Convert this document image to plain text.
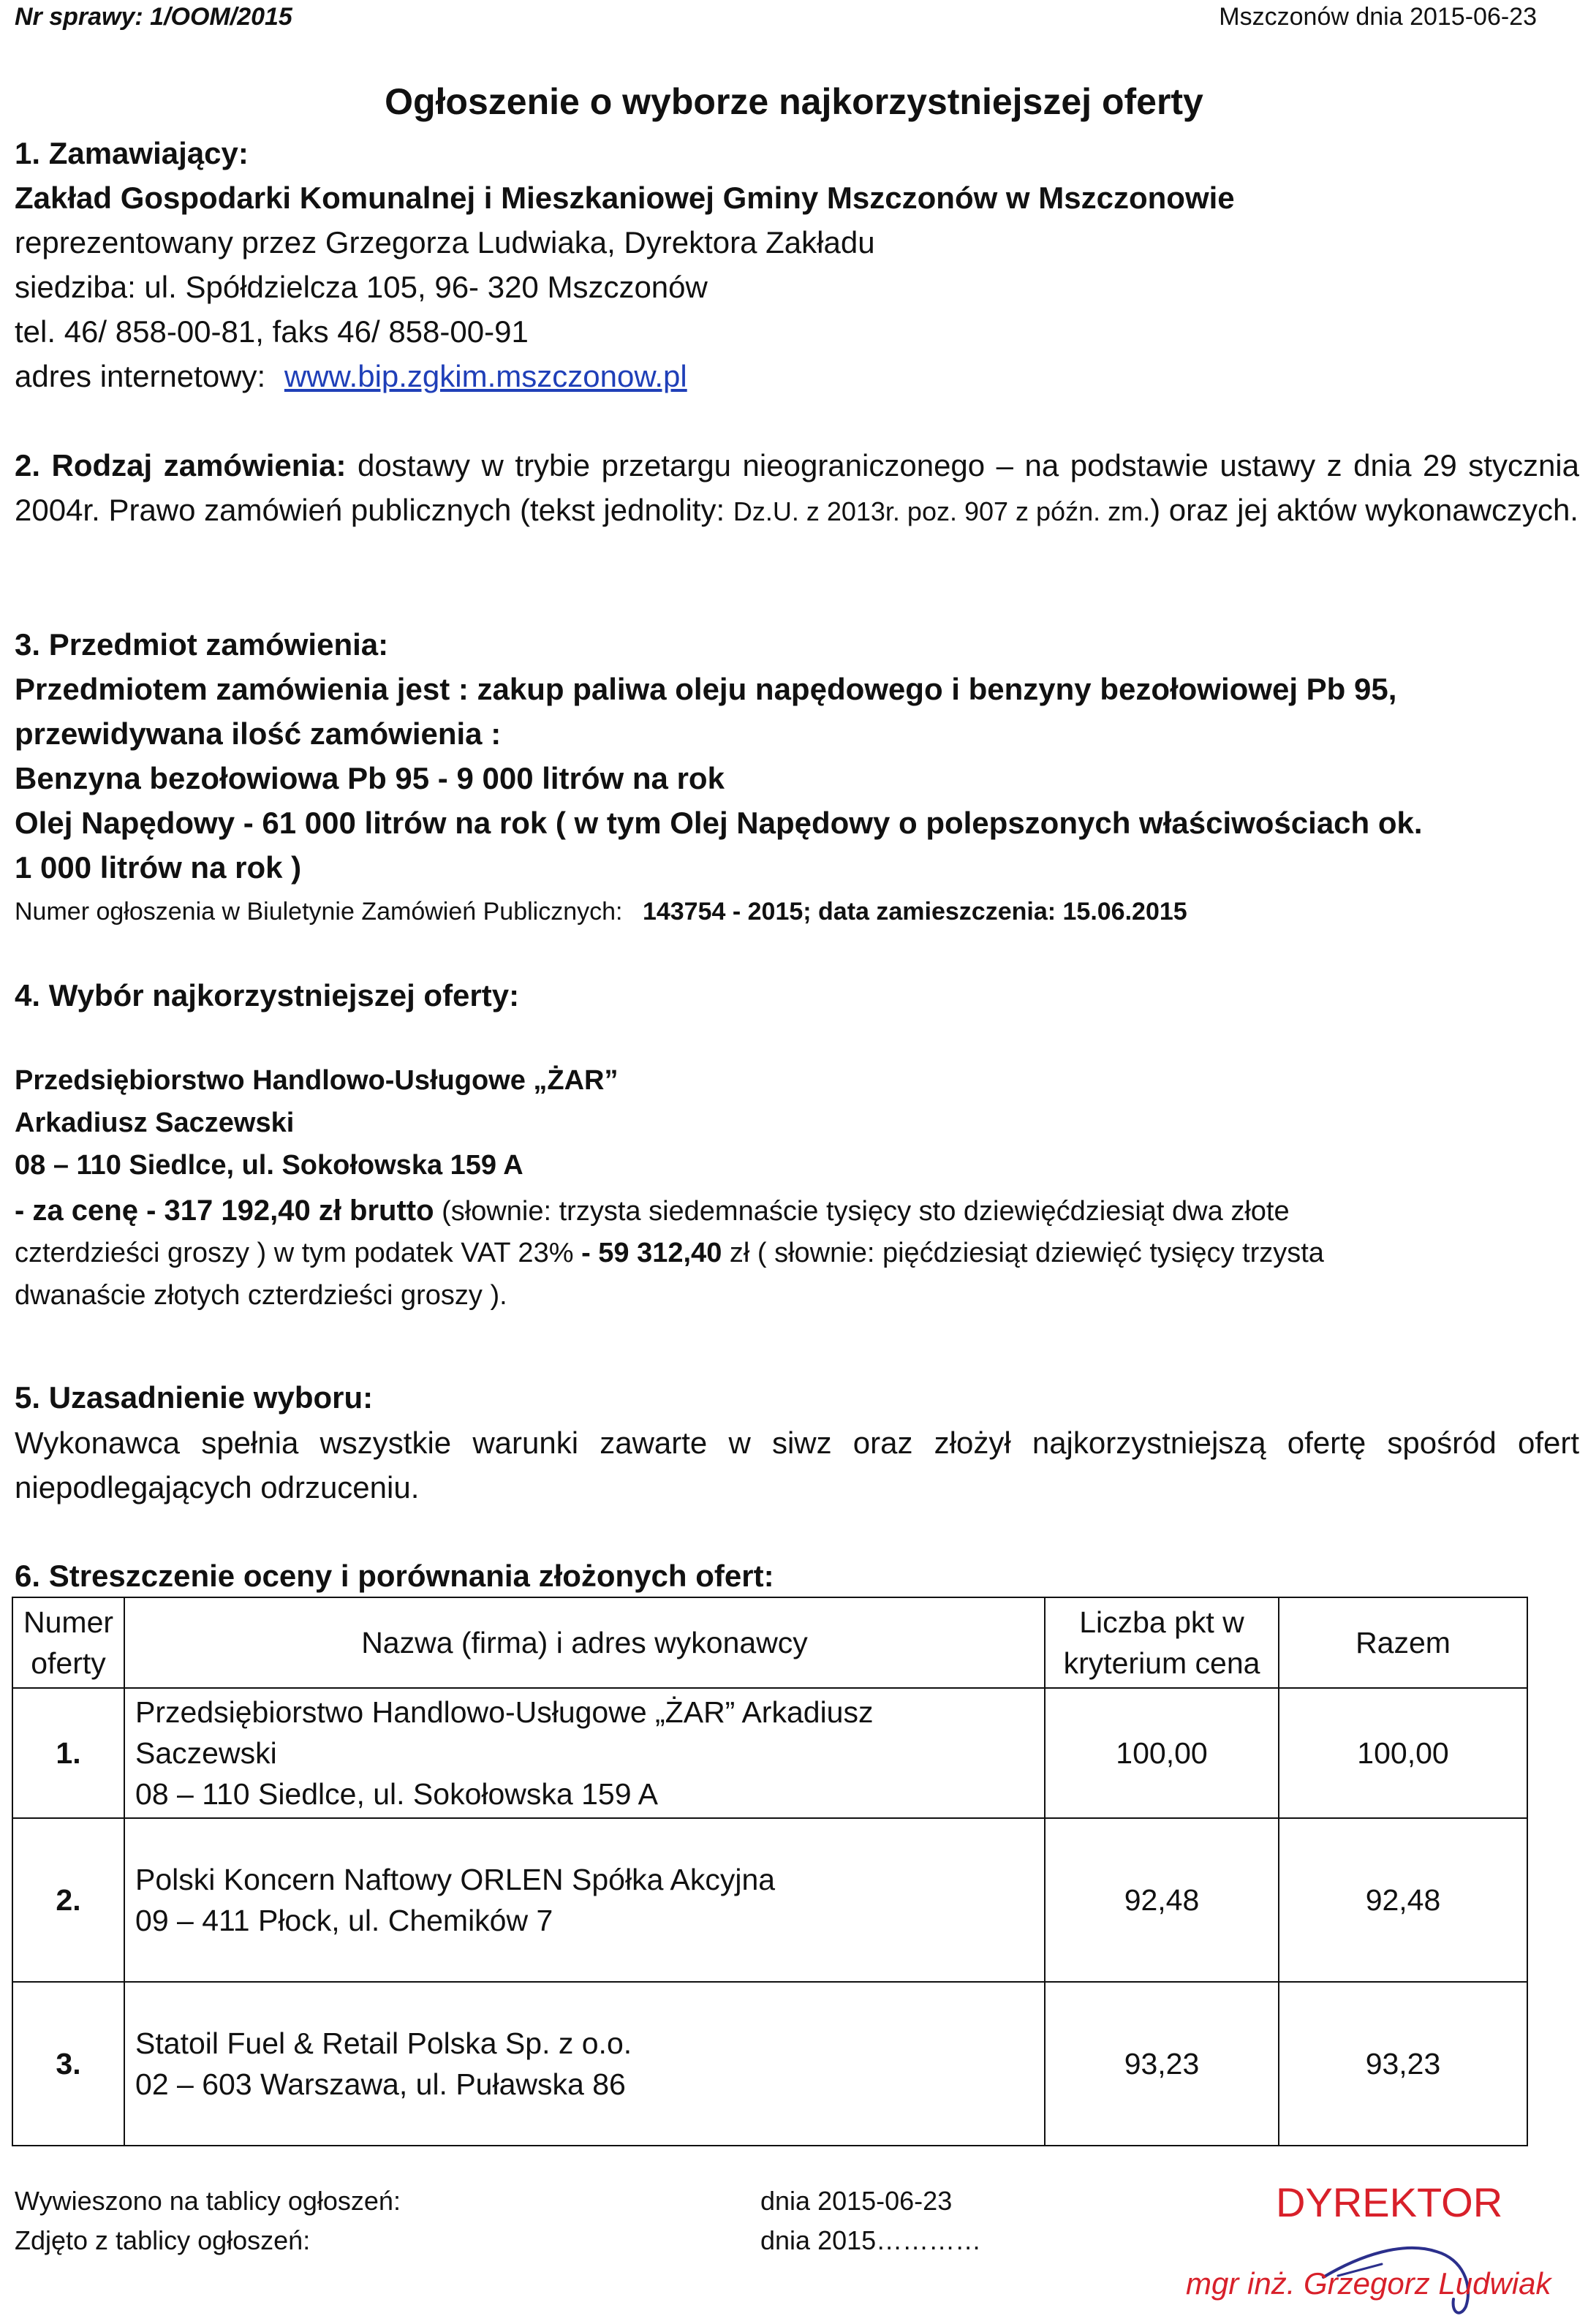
Nr sprawy: 1/OOM/2015	Mszczonów dnia 2015-06-23
Ogłoszenie o wyborze najkorzystniejszej oferty
1. Zamawiający:
Zakład Gospodarki Komunalnej i Mieszkaniowej Gminy Mszczonów w Mszczonowie
reprezentowany przez Grzegorza Ludwiaka, Dyrektora Zakładu
siedziba: ul. Spółdzielcza 105, 96- 320 Mszczonów
tel. 46/ 858-00-81, faks 46/ 858-00-91
adres internetowy: www.bip.zgkim.mszczonow.pl
2. Rodzaj zamówienia: dostawy w trybie przetargu nieograniczonego – na podstawie ustawy z dnia 29 stycznia 2004r. Prawo zamówień publicznych (tekst jednolity: Dz.U. z 2013r. poz. 907 z późn. zm.) oraz jej aktów wykonawczych.
3. Przedmiot zamówienia:
Przedmiotem zamówienia jest : zakup paliwa oleju napędowego i benzyny bezołowiowej Pb 95,
przewidywana ilość zamówienia :
Benzyna bezołowiowa Pb 95 - 9 000 litrów na rok
Olej Napędowy - 61 000 litrów na rok ( w tym Olej Napędowy o polepszonych właściwościach ok.
1 000 litrów na rok )
Numer ogłoszenia w Biuletynie Zamówień Publicznych: 143754 - 2015; data zamieszczenia: 15.06.2015
4. Wybór najkorzystniejszej oferty:
Przedsiębiorstwo Handlowo-Usługowe „ŻAR”
Arkadiusz Saczewski
08 – 110 Siedlce, ul. Sokołowska 159 A
- za cenę - 317 192,40 zł brutto (słownie: trzysta siedemnaście tysięcy sto dziewięćdziesiąt dwa złote
czterdzieści groszy ) w tym podatek VAT 23% - 59 312,40 zł ( słownie: pięćdziesiąt dziewięć tysięcy trzysta
dwanaście złotych czterdzieści groszy ).
5. Uzasadnienie wyboru:
Wykonawca spełnia wszystkie warunki zawarte w siwz oraz złożył najkorzystniejszą ofertę spośród ofert niepodlegających odrzuceniu.
6. Streszczenie oceny i porównania złożonych ofert:
Numer oferty	Nazwa (firma) i adres wykonawcy	Liczba pkt w kryterium cena	Razem
1.	Przedsiębiorstwo Handlowo-Usługowe „ŻAR” Arkadiusz Saczewski
08 – 110 Siedlce, ul. Sokołowska 159 A	100,00	100,00
2.	Polski Koncern Naftowy ORLEN Spółka Akcyjna
09 – 411 Płock, ul. Chemików 7	92,48	92,48
3.	Statoil Fuel & Retail Polska Sp. z o.o.
02 – 603 Warszawa, ul. Puławska 86	93,23	93,23
Wywieszono na tablicy ogłoszeń:
Zdjęto z tablicy ogłoszeń:
dnia 2015-06-23
dnia 2015…………
DYREKTOR
mgr inż. Grzegorz Ludwiak
